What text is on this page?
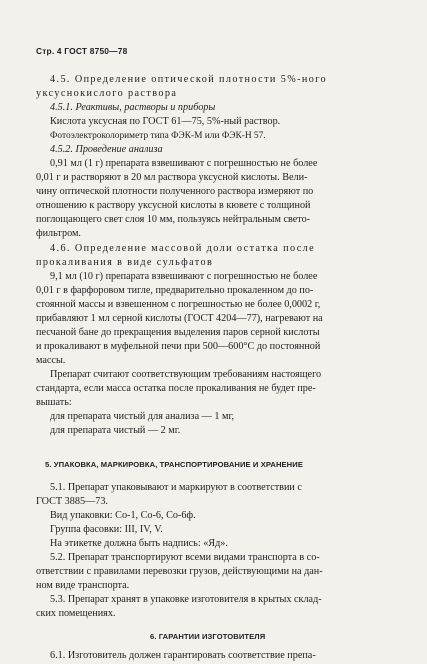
Стр. 4 ГОСТ 8750—78
4.5. Определение оптической плотности 5%-ного
уксуснокислого раствора
4.5.1. Реактивы, растворы и приборы
Кислота уксусная по ГОСТ 61—75, 5%-ный раствор.
Фотоэлектроколориметр типа ФЭК-М или ФЭК-Н 57.
4.5.2. Проведение анализа
0,91 мл (1 г) препарата взвешивают с погрешностью не более
0,01 г и растворяют в 20 мл раствора уксусной кислоты. Вели-
чину оптической плотности полученного раствора измеряют по
отношению к раствору уксусной кислоты в кювете с толщиной
поглощающего свет слоя 10 мм, пользуясь нейтральным свето-
фильтром.
4.6. Определение массовой доли остатка после
прокаливания в виде сульфатов
9,1 мл (10 г) препарата взвешивают с погрешностью не более
0,01 г в фарфоровом тигле, предварительно прокаленном до по-
стоянной массы и взвешенном с погрешностью не более 0,0002 г,
прибавляют 1 мл серной кислоты (ГОСТ 4204—77), нагревают на
песчаной бане до прекращения выделения паров серной кислоты
и прокаливают в муфельной печи при 500—600°С до постоянной
массы.
Препарат считают соответствующим требованиям настоящего
стандарта, если масса остатка после прокаливания не будет пре-
вышать:
для препарата чистый для анализа — 1 мг,
для препарата чистый — 2 мг.
5. УПАКОВКА, МАРКИРОВКА, ТРАНСПОРТИРОВАНИЕ И ХРАНЕНИЕ
5.1. Препарат упаковывают и маркируют в соответствии с
ГОСТ 3885—73.
Вид упаковки: Со-1, Со-6, Со-6ф.
Группа фасовки: III, IV, V.
На этикетке должна быть надпись: «Яд».
5.2. Препарат транспортируют всеми видами транспорта в со-
ответствии с правилами перевозки грузов, действующими на дан-
ном виде транспорта.
5.3. Препарат хранят в упаковке изготовителя в крытых склад-
ских помещениях.
6. ГАРАНТИИ ИЗГОТОВИТЕЛЯ
6.1. Изготовитель должен гарантировать соответствие препа-
